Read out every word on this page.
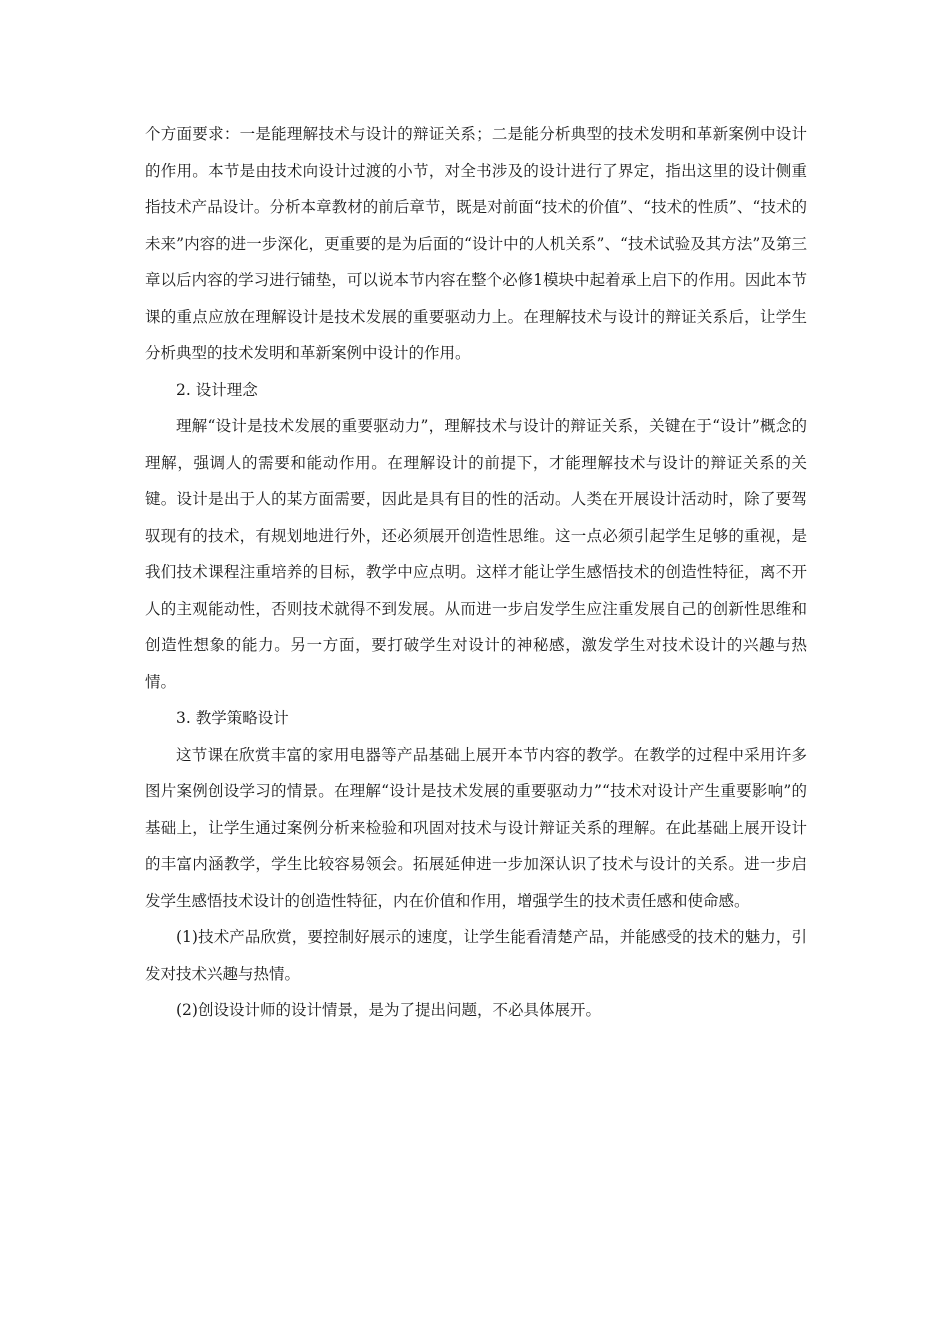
个方面要求：一是能理解技术与设计的辩证关系；二是能分析典型的技术发明和革新案例中设计的作用。本节是由技术向设计过渡的小节，对全书涉及的设计进行了界定，指出这里的设计侧重指技术产品设计。分析本章教材的前后章节，既是对前面“技术的价值”、“技术的性质”、“技术的未来”内容的进一步深化，更重要的是为后面的“设计中的人机关系”、“技术试验及其方法”及第三章以后内容的学习进行铺垫，可以说本节内容在整个必修1模块中起着承上启下的作用。因此本节课的重点应放在理解设计是技术发展的重要驱动力上。在理解技术与设计的辩证关系后，让学生分析典型的技术发明和革新案例中设计的作用。

2. 设计理念

理解“设计是技术发展的重要驱动力”，理解技术与设计的辩证关系，关键在于“设计”概念的理解，强调人的需要和能动作用。在理解设计的前提下，才能理解技术与设计的辩证关系的关键。设计是出于人的某方面需要，因此是具有目的性的活动。人类在开展设计活动时，除了要驾驭现有的技术，有规划地进行外，还必须展开创造性思维。这一点必须引起学生足够的重视，是我们技术课程注重培养的目标，教学中应点明。这样才能让学生感悟技术的创造性特征，离不开人的主观能动性，否则技术就得不到发展。从而进一步启发学生应注重发展自己的创新性思维和创造性想象的能力。另一方面，要打破学生对设计的神秘感，激发学生对技术设计的兴趣与热情。

3. 教学策略设计

这节课在欣赏丰富的家用电器等产品基础上展开本节内容的教学。在教学的过程中采用许多图片案例创设学习的情景。在理解“设计是技术发展的重要驱动力”“技术对设计产生重要影响”的基础上，让学生通过案例分析来检验和巩固对技术与设计辩证关系的理解。在此基础上展开设计的丰富内涵教学，学生比较容易领会。拓展延伸进一步加深认识了技术与设计的关系。进一步启发学生感悟技术设计的创造性特征，内在价值和作用，增强学生的技术责任感和使命感。

(1)技术产品欣赏，要控制好展示的速度，让学生能看清楚产品，并能感受的技术的魅力，引发对技术兴趣与热情。

(2)创设设计师的设计情景，是为了提出问题，不必具体展开。
